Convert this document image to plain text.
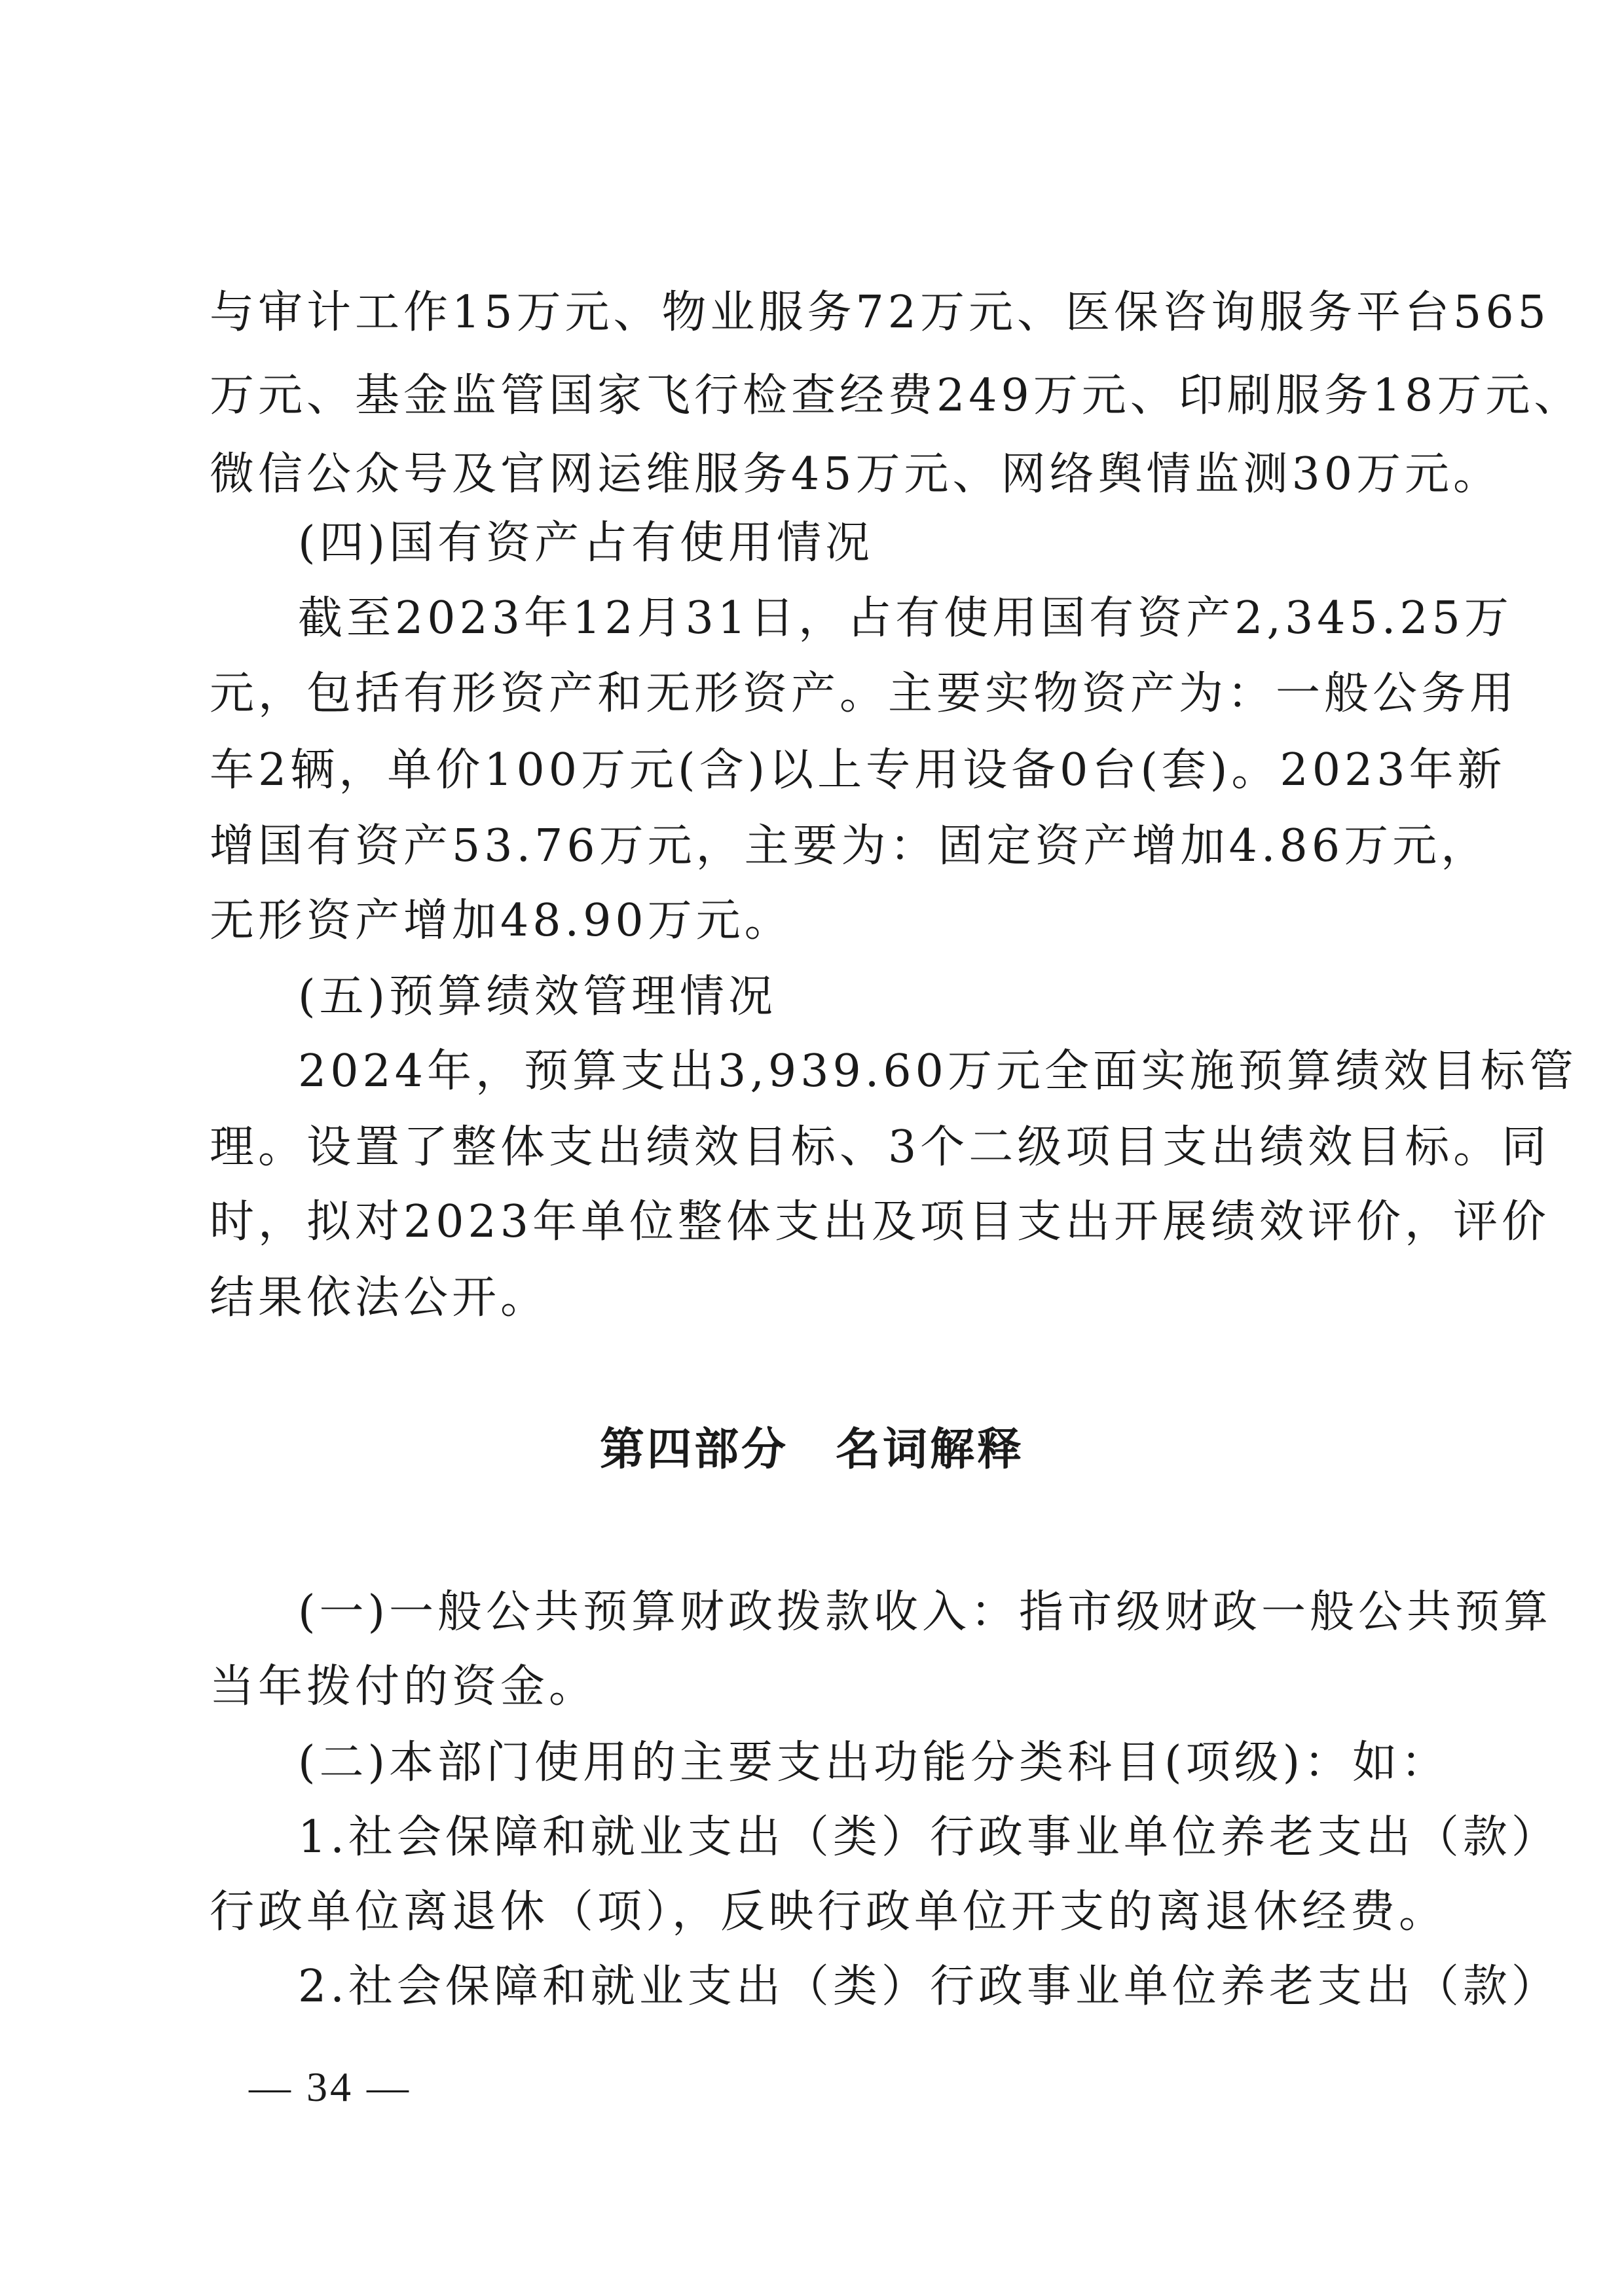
与审计工作15万元、物业服务72万元、医保咨询服务平台565
万元、基金监管国家飞行检查经费249万元、印刷服务18万元、
微信公众号及官网运维服务45万元、网络舆情监测30万元。
(四)国有资产占有使用情况
截至2023年12月31日，占有使用国有资产2,345.25万
元，包括有形资产和无形资产。主要实物资产为：一般公务用
车2辆，单价100万元(含)以上专用设备0台(套)。2023年新
增国有资产53.76万元，主要为：固定资产增加4.86万元，
无形资产增加48.90万元。
(五)预算绩效管理情况
2024年，预算支出3,939.60万元全面实施预算绩效目标管
理。设置了整体支出绩效目标、3个二级项目支出绩效目标。同
时，拟对2023年单位整体支出及项目支出开展绩效评价，评价
结果依法公开。
第四部分　名词解释
(一)一般公共预算财政拨款收入：指市级财政一般公共预算
当年拨付的资金。
(二)本部门使用的主要支出功能分类科目(项级)：如：
1.社会保障和就业支出（类）行政事业单位养老支出（款）
行政单位离退休（项），反映行政单位开支的离退休经费。
2.社会保障和就业支出（类）行政事业单位养老支出（款）
— 34 —
